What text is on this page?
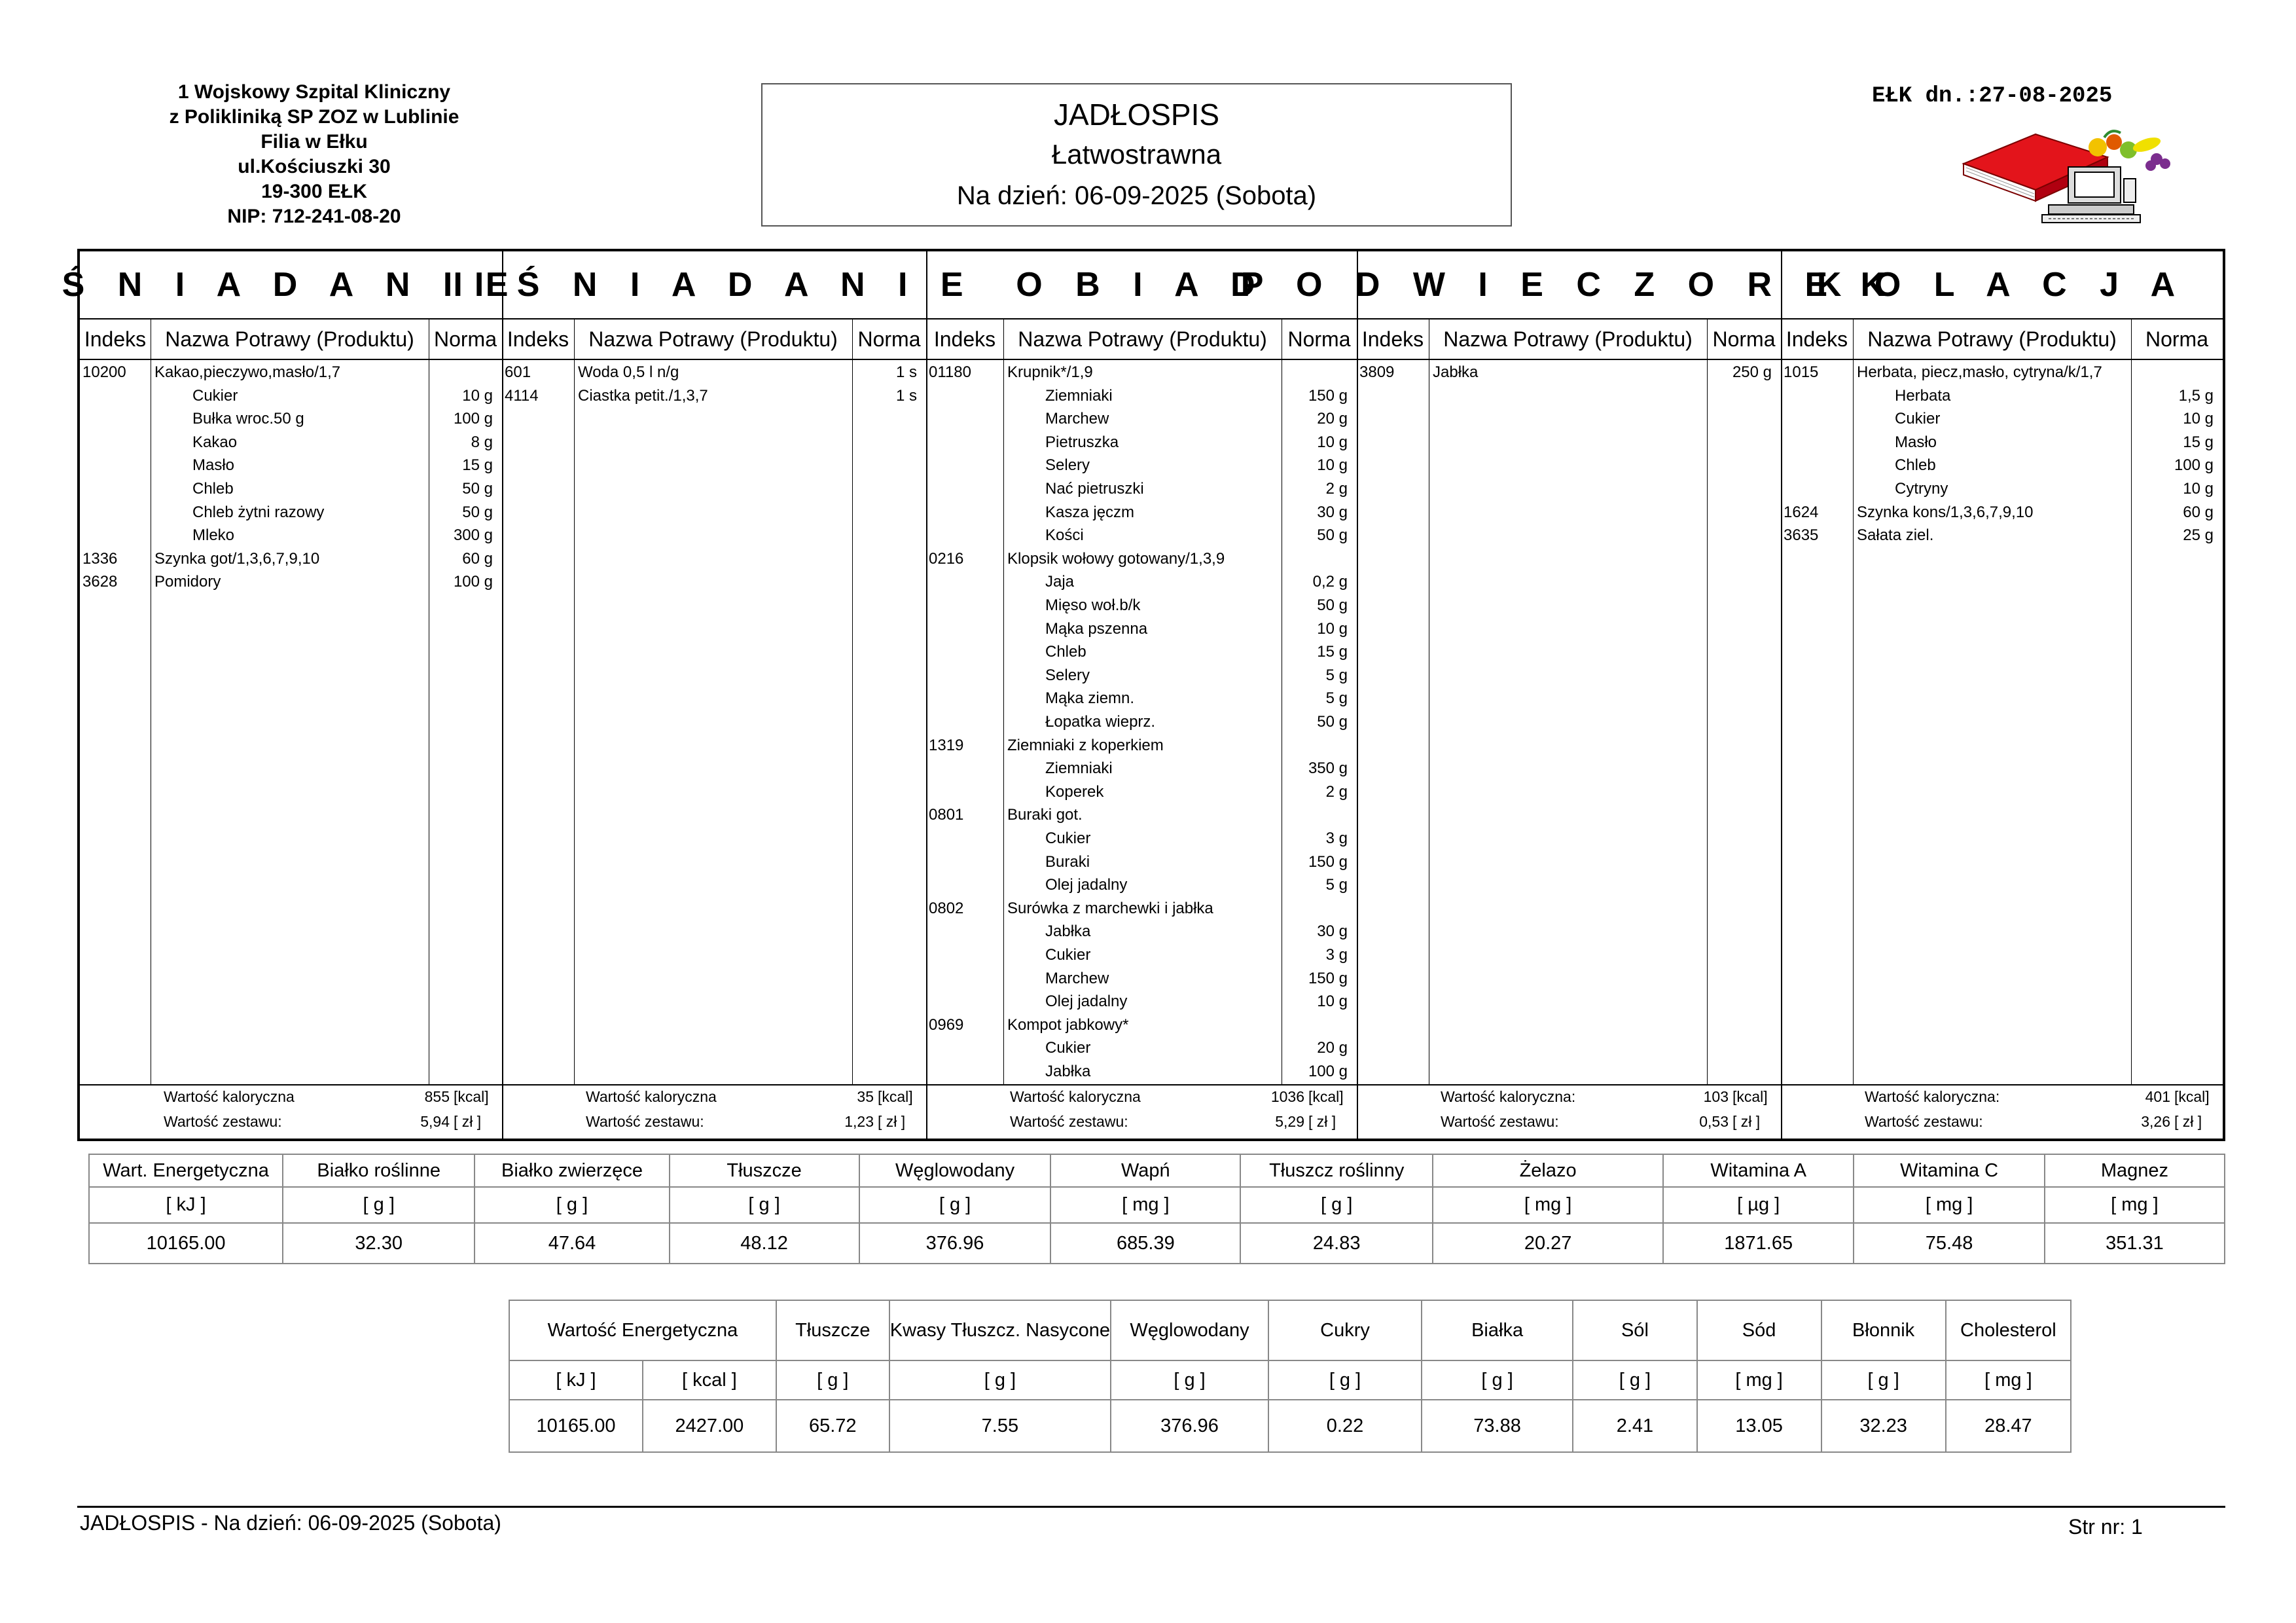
1 Wojskowy Szpital Kliniczny
z Polikliniką SP ZOZ w Lublinie
Filia w Ełku
ul.Kościuszki 30
19-300 EŁK
NIP: 712-241-08-20
JADŁOSPIS
Łatwostrawna
Na dzień: 06-09-2025 (Sobota)
EŁK dn.:27-08-2025
Ś N I A D A N I E
Indeks Nazwa Potrawy (Produktu) Norma
10200 Kakao,pieczywo,masło/1,7
Cukier	10 g
Bułka wroc.50 g	100 g
Kakao	8 g
Masło	15 g
Chleb	50 g
Chleb żytni razowy	50 g
Mleko	300 g
1336 Szynka got/1,3,6,7,9,10	60 g
3628 Pomidory	100 g
Wartość kaloryczna	855 [kcal]
Wartość zestawu:	5,94 [ zł ]
II Ś N I A D A N I E
Indeks Nazwa Potrawy (Produktu) Norma
601	Woda 0,5 l n/g	1 s
4114	Ciastka petit./1,3,7	1 s
Wartość kaloryczna	35 [kcal]
Wartość zestawu:	1,23 [ zł ]
O B I A D
Indeks	Nazwa Potrawy (Produktu) Norma
01180 Krupnik*/1,9
Ziemniaki	150 g
Marchew	20 g
Pietruszka	10 g
Selery	10 g
Nać pietruszki	2 g
Kasza jęczm	30 g
Kości	50 g
0216	Klopsik wołowy gotowany/1,3,9
Jaja	0,2 g
Mięso woł.b/k	50 g
Mąka pszenna	10 g
Chleb	15 g
Selery	5 g
Mąka ziemn.	5 g
Łopatka wieprz.	50 g
1319	Ziemniaki z koperkiem
Ziemniaki	350 g
Koperek	2 g
0801	Buraki got.
Cukier	3 g
Buraki	150 g
Olej jadalny	5 g
0802	Surówka z marchewki i jabłka
Jabłka	30 g
Cukier	3 g
Marchew	150 g
Olej jadalny	10 g
0969	Kompot jabkowy*
Cukier	20 g
Jabłka	100 g
Wartość kaloryczna	1036 [kcal]
Wartość zestawu:	5,29 [ zł ]
P O D W I E C Z O R E K
Indeks Nazwa Potrawy (Produktu) Norma
3809 Jabłka	250 g
Wartość kaloryczna:	103 [kcal]
Wartość zestawu:	0,53 [ zł ]
K O L A C J A
Indeks Nazwa Potrawy (Produktu)	Norma
1015 Herbata, piecz,masło, cytryna/k/1,7
Herbata	1,5 g
Cukier	10 g
Masło	15 g
Chleb	100 g
Cytryny	10 g
1624 Szynka kons/1,3,6,7,9,10	60 g
3635 Sałata ziel.	25 g
Wartość kaloryczna:	401 [kcal]
Wartość zestawu:	3,26 [ zł ]
Wart. Energetyczna	Białko roślinne	Białko zwierzęce	Tłuszcze	Węglowodany	Wapń	Tłuszcz roślinny	Żelazo	Witamina A	Witamina C	Magnez
[ kJ ]	[ g ]	[ g ]	[ g ]	[ g ]	[ mg ]	[ g ]	[ mg ]	[ µg ]	[ mg ]	[ mg ]
10165.00	32.30	47.64	48.12	376.96	685.39	24.83	20.27	1871.65	75.48	351.31
Wartość Energetyczna		Tłuszcze	Kwasy Tłuszcz. Nasycone	Węglowodany	Cukry	Białka	Sól	Sód	Błonnik	Cholesterol
[ kJ ]	[ kcal ]	[ g ]	[ g ]	[ g ]	[ g ]	[ g ]	[ g ]	[ mg ]	[ g ]	[ mg ]
10165.00	2427.00	65.72	7.55	376.96	0.22	73.88	2.41	13.05	32.23	28.47
JADŁOSPIS - Na dzień: 06-09-2025 (Sobota)	Str nr: 1
